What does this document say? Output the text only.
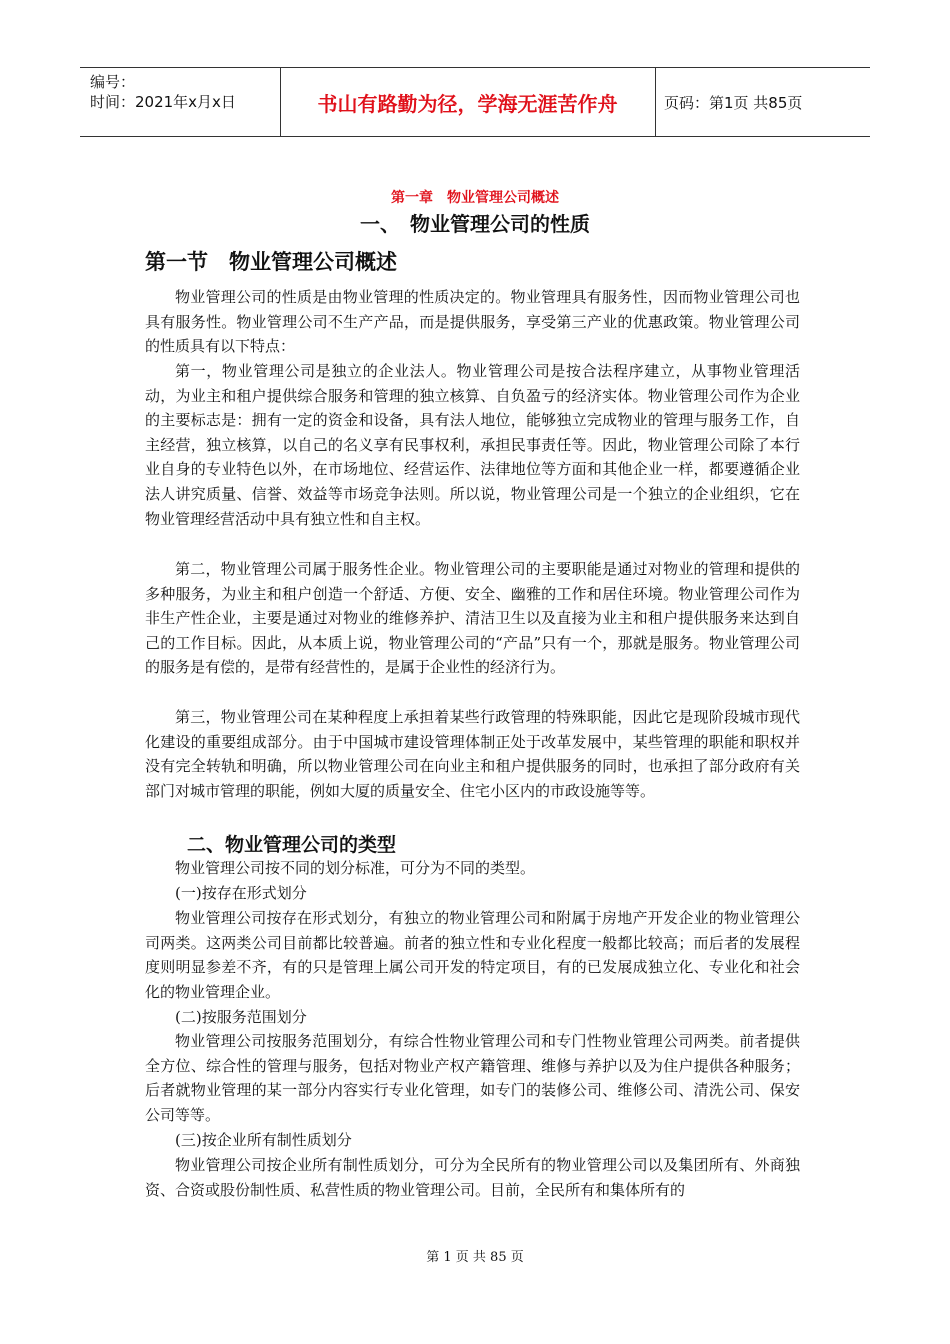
编号：
时间：2021年x月x日	书山有路勤为径，学海无涯苦作舟	页码：第1页 共85页
第一章　物业管理公司概述
一、　物业管理公司的性质
第一节　物业管理公司概述

物业管理公司的性质是由物业管理的性质决定的。物业管理具有服务性，因而物业管理公司也具有服务性。物业管理公司不生产产品，而是提供服务，享受第三产业的优惠政策。物业管理公司的性质具有以下特点：

第一，物业管理公司是独立的企业法人。物业管理公司是按合法程序建立，从事物业管理活动，为业主和租户提供综合服务和管理的独立核算、自负盈亏的经济实体。物业管理公司作为企业的主要标志是：拥有一定的资金和设备，具有法人地位，能够独立完成物业的管理与服务工作，自主经营，独立核算，以自己的名义享有民事权利，承担民事责任等。因此，物业管理公司除了本行业自身的专业特色以外，在市场地位、经营运作、法律地位等方面和其他企业一样，都要遵循企业法人讲究质量、信誉、效益等市场竞争法则。所以说，物业管理公司是一个独立的企业组织，它在物业管理经营活动中具有独立性和自主权。

第二，物业管理公司属于服务性企业。物业管理公司的主要职能是通过对物业的管理和提供的多种服务，为业主和租户创造一个舒适、方便、安全、幽雅的工作和居住环境。物业管理公司作为非生产性企业，主要是通过对物业的维修养护、清洁卫生以及直接为业主和租户提供服务来达到自己的工作目标。因此，从本质上说，物业管理公司的“产品”只有一个，那就是服务。物业管理公司的服务是有偿的，是带有经营性的，是属于企业性的经济行为。

第三，物业管理公司在某种程度上承担着某些行政管理的特殊职能，因此它是现阶段城市现代化建设的重要组成部分。由于中国城市建设管理体制正处于改革发展中，某些管理的职能和职权并没有完全转轨和明确，所以物业管理公司在向业主和租户提供服务的同时，也承担了部分政府有关部门对城市管理的职能，例如大厦的质量安全、住宅小区内的市政设施等等。

二、物业管理公司的类型

物业管理公司按不同的划分标准，可分为不同的类型。

(一)按存在形式划分

物业管理公司按存在形式划分，有独立的物业管理公司和附属于房地产开发企业的物业管理公司两类。这两类公司目前都比较普遍。前者的独立性和专业化程度一般都比较高；而后者的发展程度则明显参差不齐，有的只是管理上属公司开发的特定项目，有的已发展成独立化、专业化和社会化的物业管理企业。

(二)按服务范围划分

物业管理公司按服务范围划分，有综合性物业管理公司和专门性物业管理公司两类。前者提供全方位、综合性的管理与服务，包括对物业产权产籍管理、维修与养护以及为住户提供各种服务；后者就物业管理的某一部分内容实行专业化管理，如专门的装修公司、维修公司、清洗公司、保安公司等等。

(三)按企业所有制性质划分

物业管理公司按企业所有制性质划分，可分为全民所有的物业管理公司以及集团所有、外商独资、合资或股份制性质、私营性质的物业管理公司。目前，全民所有和集体所有的

第 1 页 共 85 页
